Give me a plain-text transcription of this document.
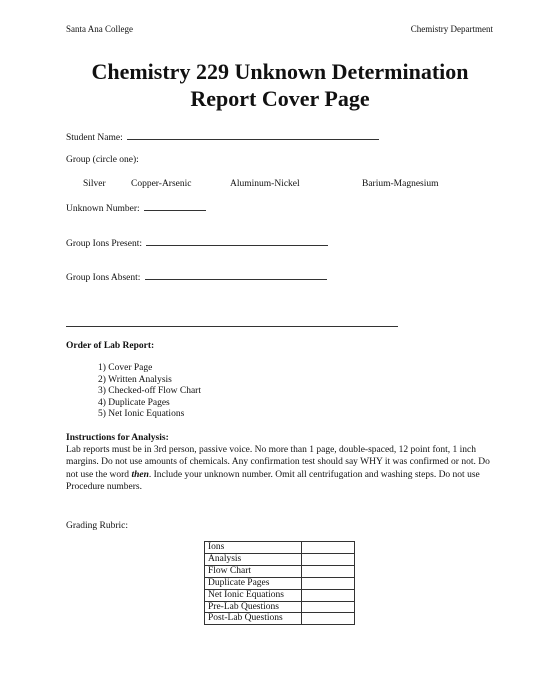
Santa Ana College	Chemistry Department
Chemistry 229 Unknown Determination
Report Cover Page
Student Name:
Group (circle one):
Silver	Copper-Arsenic	Aluminum-Nickel	Barium-Magnesium
Unknown Number:
Group Ions Present:
Group Ions Absent:
Order of Lab Report:
1) Cover Page
2) Written Analysis
3) Checked-off Flow Chart
4) Duplicate Pages
5) Net Ionic Equations
Instructions for Analysis:
Lab reports must be in 3rd person, passive voice. No more than 1 page, double-spaced, 12 point font, 1 inch margins. Do not use amounts of chemicals. Any confirmation test should say WHY it was confirmed or not. Do not use the word then. Include your unknown number. Omit all centrifugation and washing steps. Do not use Procedure numbers.
Grading Rubric:
Ions	
Analysis	
Flow Chart	
Duplicate Pages	
Net Ionic Equations	
Pre-Lab Questions	
Post-Lab Questions	
